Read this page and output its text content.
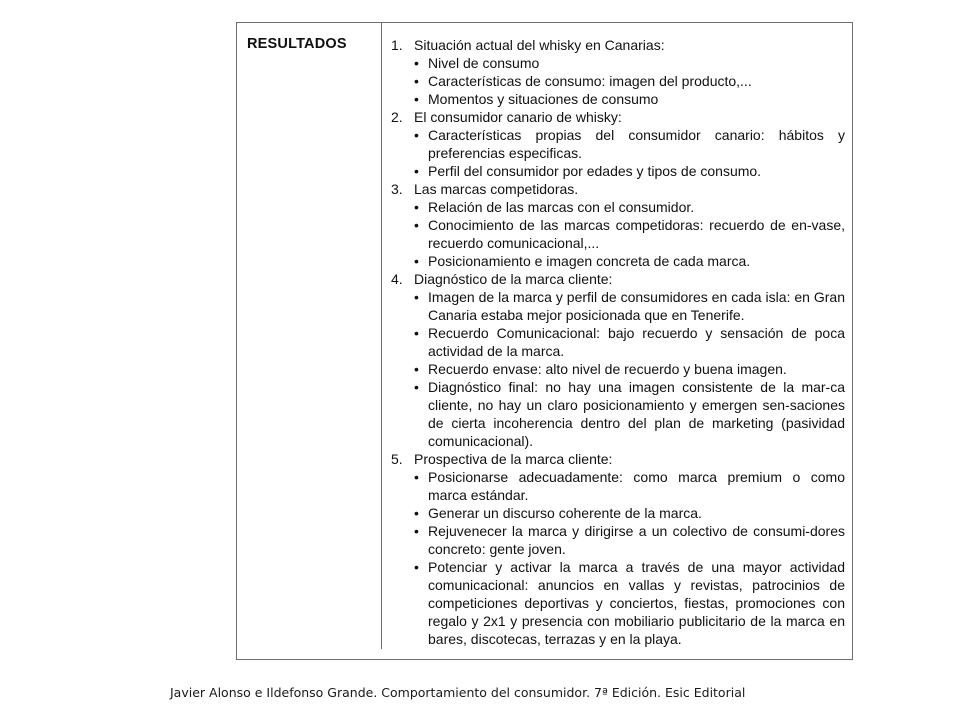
RESULTADOS	1. Situación actual del whisky en Canarias:
• Nivel de consumo
• Características de consumo: imagen del producto,...
• Momentos y situaciones de consumo
2. El consumidor canario de whisky:
• Características propias del consumidor canario: hábitos y preferencias especificas.
• Perfil del consumidor por edades y tipos de consumo.
3. Las marcas competidoras.
• Relación de las marcas con el consumidor.
• Conocimiento de las marcas competidoras: recuerdo de en-vase, recuerdo comunicacional,...
• Posicionamiento e imagen concreta de cada marca.
4. Diagnóstico de la marca cliente:
• Imagen de la marca y perfil de consumidores en cada isla: en Gran Canaria estaba mejor posicionada que en Tenerife.
• Recuerdo Comunicacional: bajo recuerdo y sensación de poca actividad de la marca.
• Recuerdo envase: alto nivel de recuerdo y buena imagen.
• Diagnóstico final: no hay una imagen consistente de la mar-ca cliente, no hay un claro posicionamiento y emergen sen-saciones de cierta incoherencia dentro del plan de marketing (pasividad comunicacional).
5. Prospectiva de la marca cliente:
• Posicionarse adecuadamente: como marca premium o como marca estándar.
• Generar un discurso coherente de la marca.
• Rejuvenecer la marca y dirigirse a un colectivo de consumi-dores concreto: gente joven.
• Potenciar y activar la marca a través de una mayor actividad comunicacional: anuncios en vallas y revistas, patrocinios de competiciones deportivas y conciertos, fiestas, promociones con regalo y 2x1 y presencia con mobiliario publicitario de la marca en bares, discotecas, terrazas y en la playa.
Javier Alonso e Ildefonso Grande. Comportamiento del consumidor. 7ª Edición. Esic Editorial
